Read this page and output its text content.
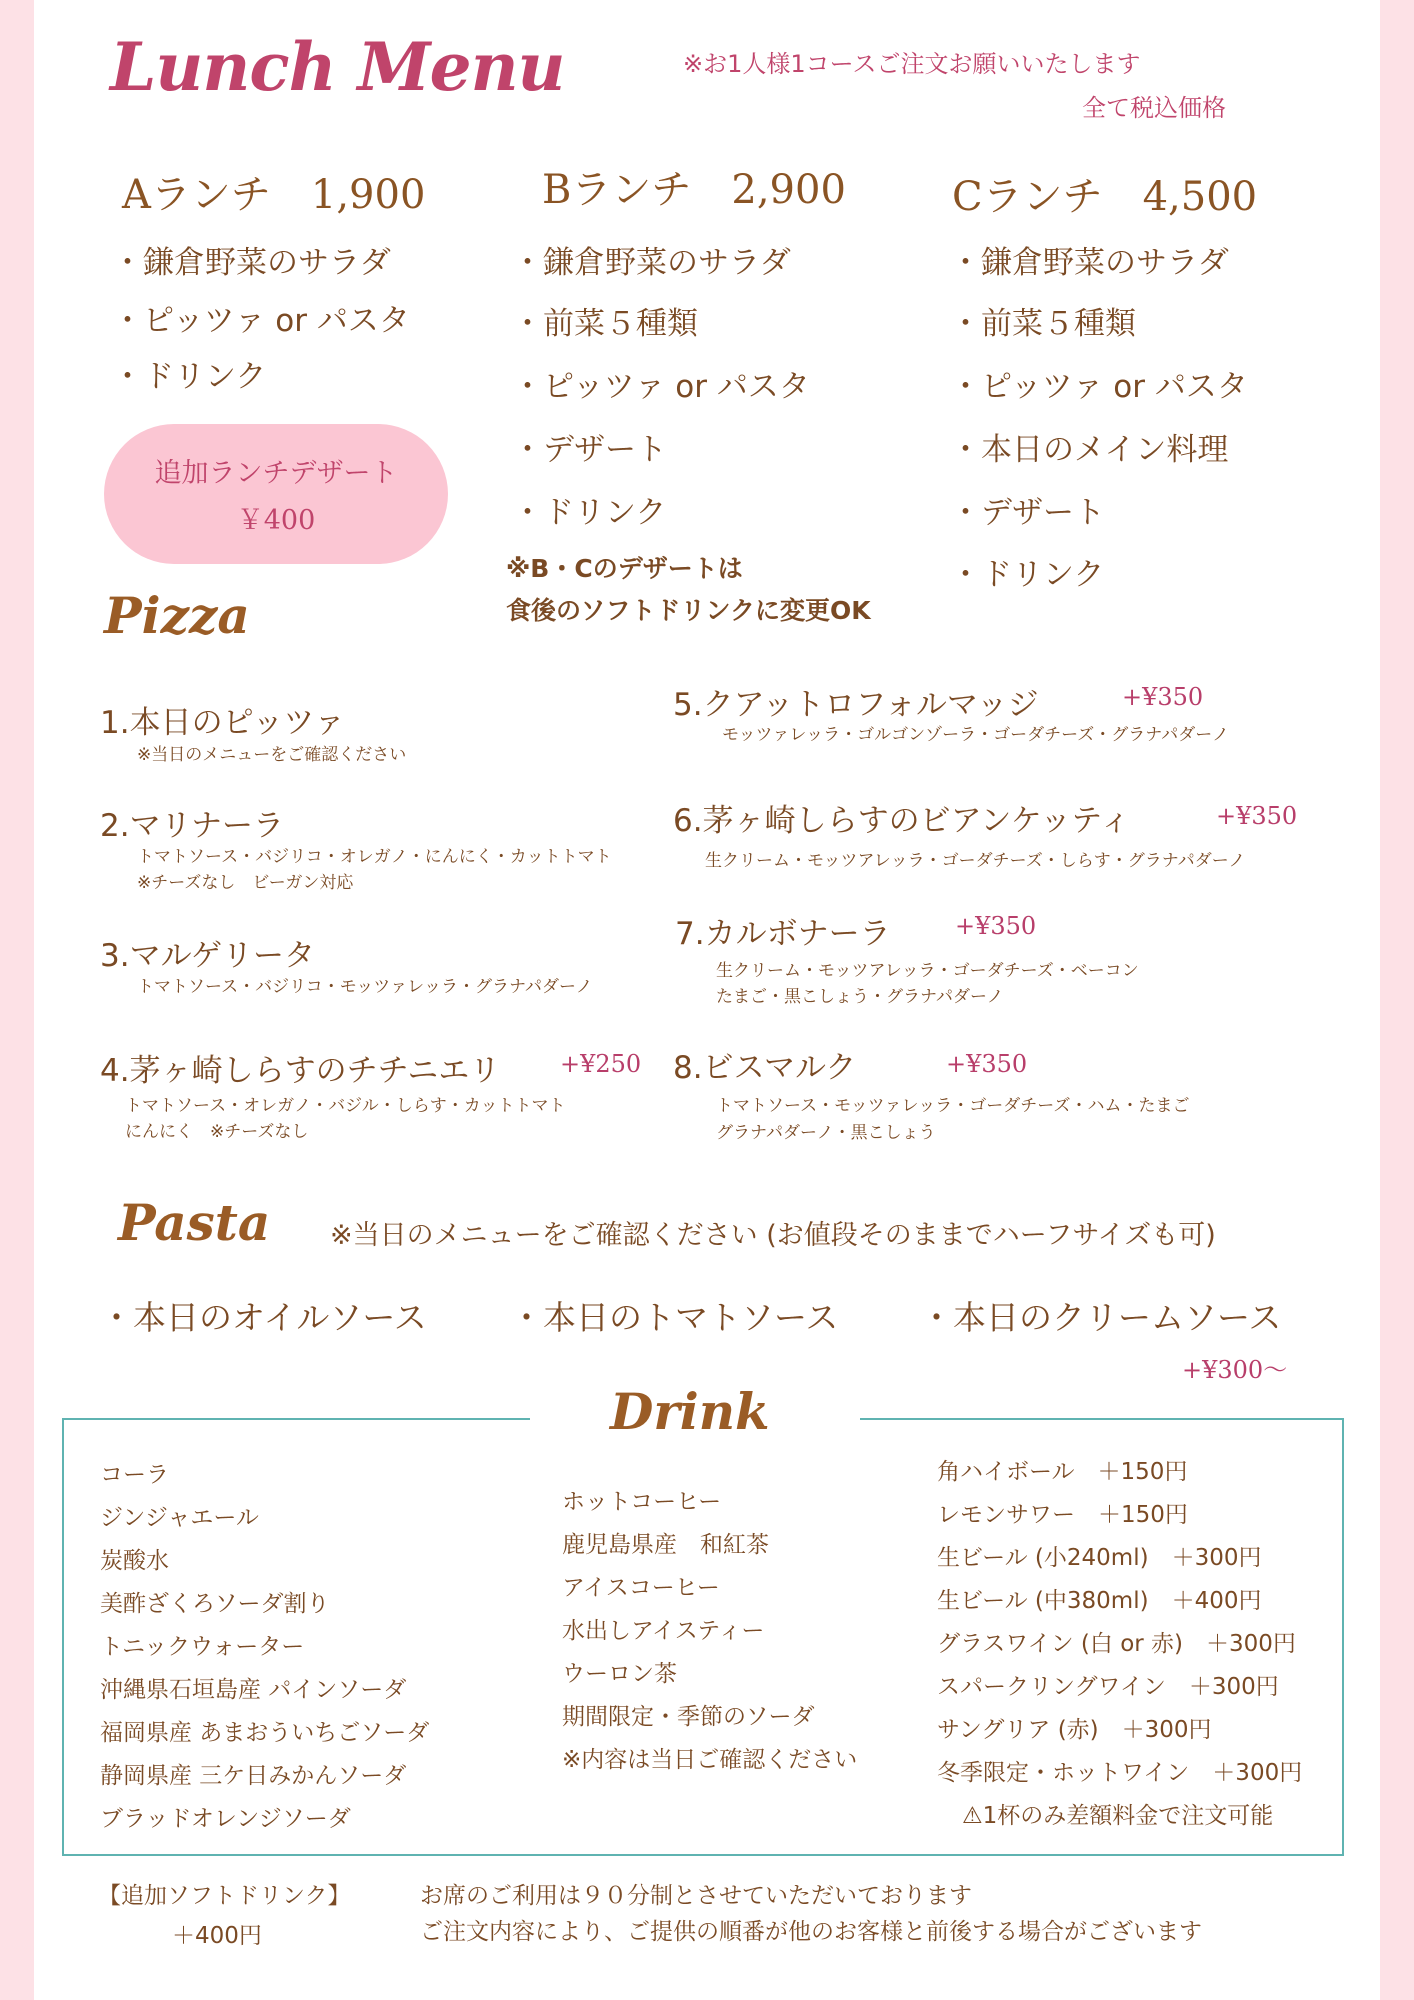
Lunch Menu	※お1人様1コースご注文お願いいたします
全て税込価格
Aランチ　1,900
・鎌倉野菜のサラダ
・ピッツァ or パスタ
・ドリンク
追加ランチデザート
￥400
Bランチ　2,900
・鎌倉野菜のサラダ
・前菜５種類
・ピッツァ or パスタ
・デザート
・ドリンク
※B・Cのデザートは
食後のソフトドリンクに変更OK
Cランチ　4,500
・鎌倉野菜のサラダ
・前菜５種類
・ピッツァ or パスタ
・本日のメイン料理
・デザート
・ドリンク
Pizza
1.本日のピッツァ
※当日のメニューをご確認ください
2.マリナーラ
トマトソース・バジリコ・オレガノ・にんにく・カットトマト
※チーズなし　ビーガン対応
3.マルゲリータ
トマトソース・バジリコ・モッツァレッラ・グラナパダーノ
4.茅ヶ崎しらすのチチニエリ +¥250
トマトソース・オレガノ・バジル・しらす・カットトマト
にんにく　※チーズなし
5.クアットロフォルマッジ	+¥350
モッツァレッラ・ゴルゴンゾーラ・ゴーダチーズ・グラナパダーノ
6.茅ヶ崎しらすのビアンケッティ	+¥350
生クリーム・モッツアレッラ・ゴーダチーズ・しらす・グラナパダーノ
7.カルボナーラ	+¥350
生クリーム・モッツアレッラ・ゴーダチーズ・ベーコン
たまご・黒こしょう・グラナパダーノ
8.ビスマルク	+¥350
トマトソース・モッツァレッラ・ゴーダチーズ・ハム・たまご
グラナパダーノ・黒こしょう
Pasta ※当日のメニューをご確認ください (お値段そのままでハーフサイズも可)
・本日のオイルソース	・本日のトマトソース ・本日のクリームソース
+¥300〜
Drink
コーラ
ジンジャエール
炭酸水
美酢ざくろソーダ割り
トニックウォーター
沖縄県石垣島産 パインソーダ
福岡県産 あまおういちごソーダ
静岡県産 三ケ日みかんソーダ
ブラッドオレンジソーダ
ホットコーヒー
鹿児島県産　和紅茶
アイスコーヒー
水出しアイスティー
ウーロン茶
期間限定・季節のソーダ
※内容は当日ご確認ください
角ハイボール　＋150円
レモンサワー　＋150円
生ビール (小240ml)　＋300円
生ビール (中380ml)　＋400円
グラスワイン (白 or 赤)　＋300円
スパークリングワイン　＋300円
サングリア (赤)　＋300円
冬季限定・ホットワイン　＋300円
⚠1杯のみ差額料金で注文可能
【追加ソフトドリンク】
＋400円
お席のご利用は９０分制とさせていただいております
ご注文内容により、ご提供の順番が他のお客様と前後する場合がございます
